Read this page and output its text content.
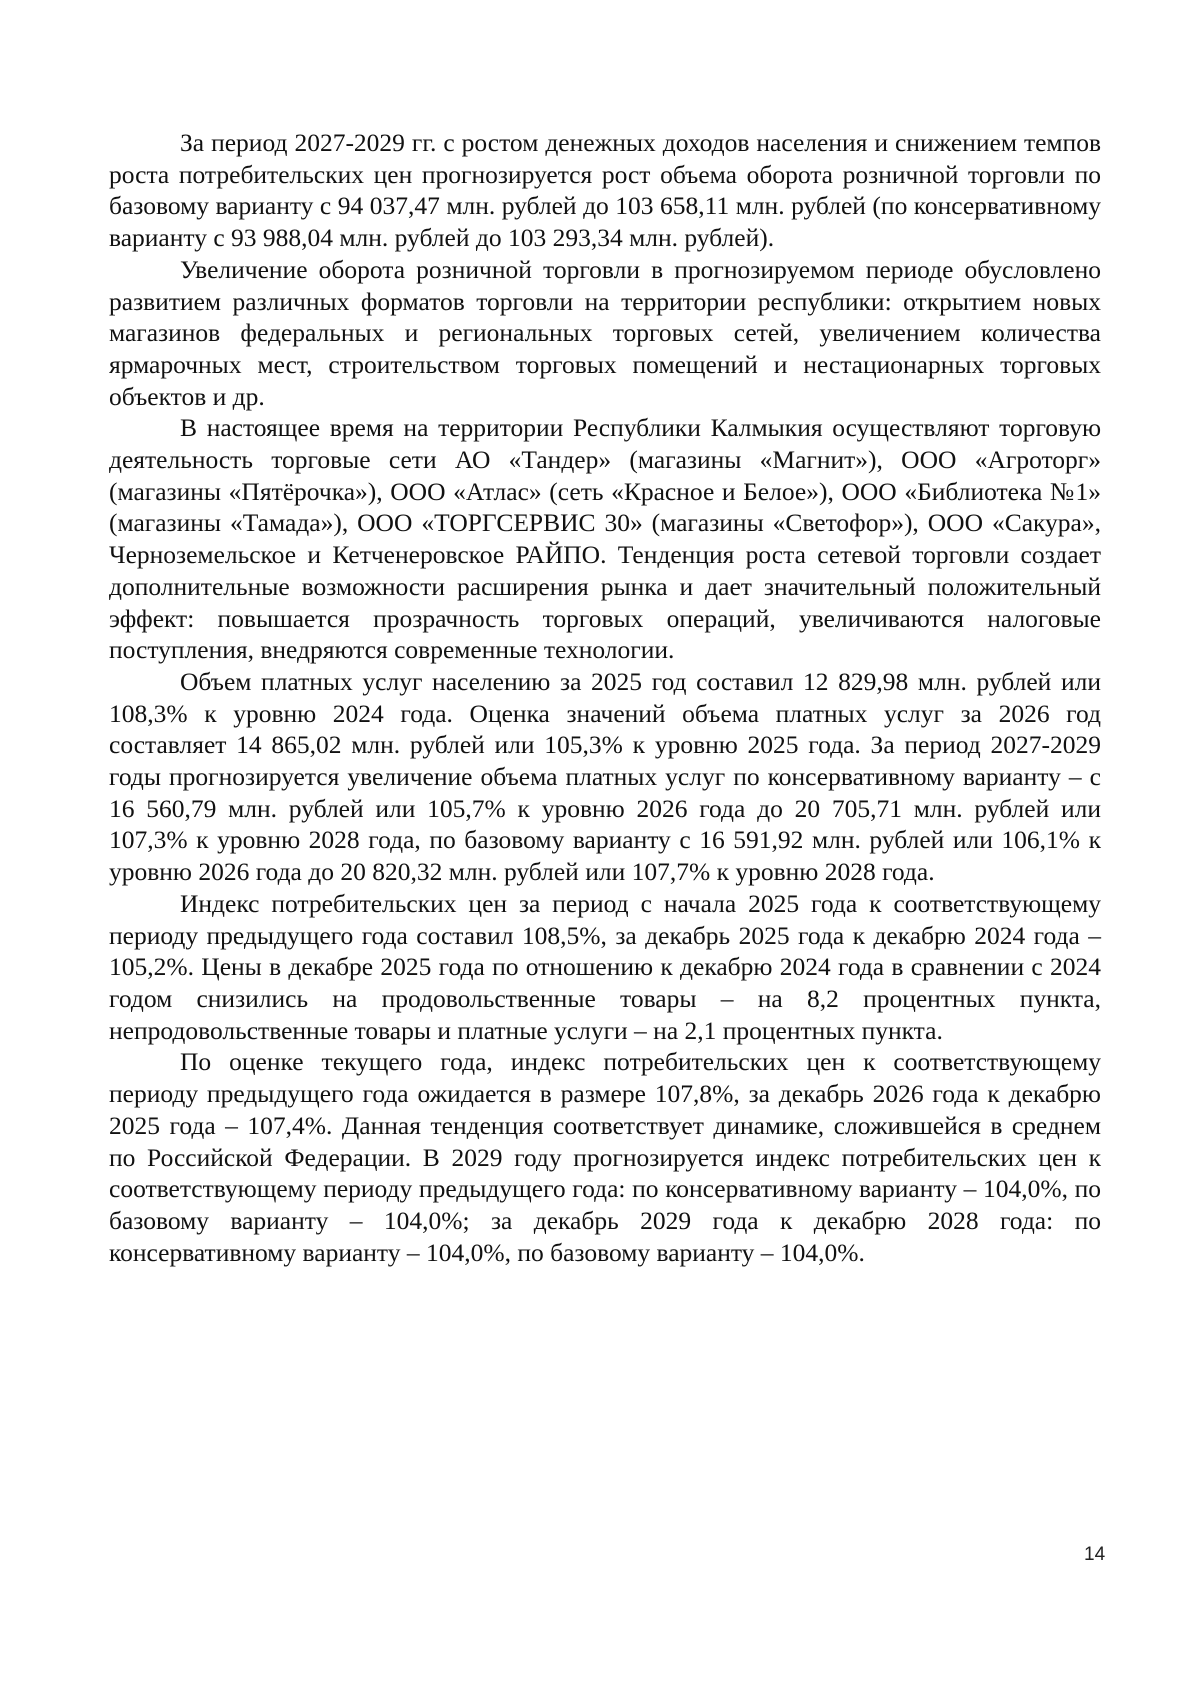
За период 2027-2029 гг. с ростом денежных доходов населения и снижением темпов роста потребительских цен прогнозируется рост объема оборота розничной торговли по базовому варианту с 94 037,47 млн. рублей до 103 658,11 млн. рублей (по консервативному варианту с 93 988,04 млн. рублей до 103 293,34 млн. рублей).

Увеличение оборота розничной торговли в прогнозируемом периоде обусловлено развитием различных форматов торговли на территории республики: открытием новых магазинов федеральных и региональных торговых сетей, увеличением количества ярмарочных мест, строительством торговых помещений и нестационарных торговых объектов и др.

В настоящее время на территории Республики Калмыкия осуществляют торговую деятельность торговые сети АО «Тандер» (магазины «Магнит»), ООО «Агроторг» (магазины «Пятёрочка»), ООО «Атлас» (сеть «Красное и Белое»), ООО «Библиотека №1» (магазины «Тамада»), ООО «ТОРГСЕРВИС 30» (магазины «Светофор»), ООО «Сакура», Черноземельское и Кетченеровское РАЙПО. Тенденция роста сетевой торговли создает дополнительные возможности расширения рынка и дает значительный положительный эффект: повышается прозрачность торговых операций, увеличиваются налоговые поступления, внедряются современные технологии.

Объем платных услуг населению за 2025 год составил 12 829,98 млн. рублей или 108,3% к уровню 2024 года. Оценка значений объема платных услуг за 2026 год составляет 14 865,02 млн. рублей или 105,3% к уровню 2025 года. За период 2027-2029 годы прогнозируется увеличение объема платных услуг по консервативному варианту – с 16 560,79 млн. рублей или 105,7% к уровню 2026 года до 20 705,71 млн. рублей или 107,3% к уровню 2028 года, по базовому варианту с 16 591,92 млн. рублей или 106,1% к уровню 2026 года до 20 820,32 млн. рублей или 107,7% к уровню 2028 года.

Индекс потребительских цен за период с начала 2025 года к соответствующему периоду предыдущего года составил 108,5%, за декабрь 2025 года к декабрю 2024 года – 105,2%. Цены в декабре 2025 года по отношению к декабрю 2024 года в сравнении с 2024 годом снизились на продовольственные товары – на 8,2 процентных пункта, непродовольственные товары и платные услуги – на 2,1 процентных пункта.

По оценке текущего года, индекс потребительских цен к соответствующему периоду предыдущего года ожидается в размере 107,8%, за декабрь 2026 года к декабрю 2025 года – 107,4%. Данная тенденция соответствует динамике, сложившейся в среднем по Российской Федерации. В 2029 году прогнозируется индекс потребительских цен к соответствующему периоду предыдущего года: по консервативному варианту – 104,0%, по базовому варианту – 104,0%; за декабрь 2029 года к декабрю 2028 года: по консервативному варианту – 104,0%, по базовому варианту – 104,0%.

14
